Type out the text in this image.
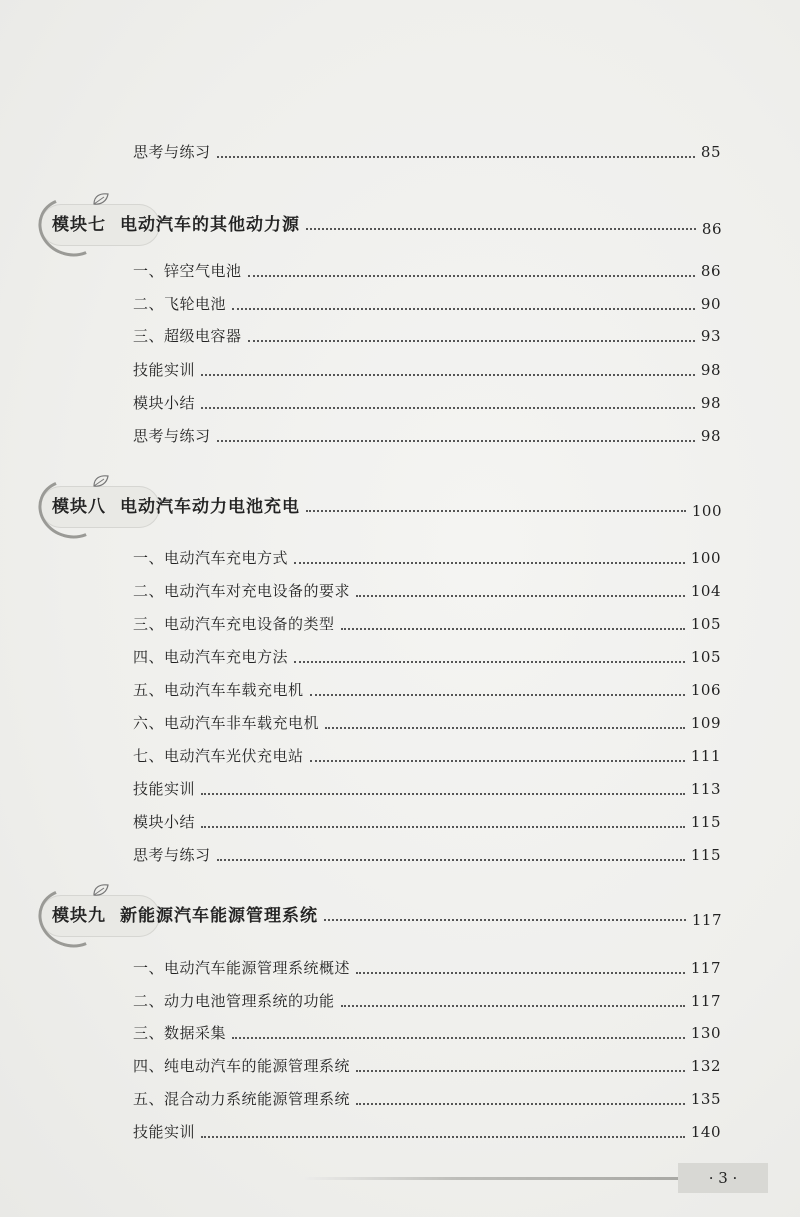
思考与练习	85
模块七 电动汽车的其他动力源	86
一、锌空气电池	86
二、飞轮电池	90
三、超级电容器	93
技能实训	98
模块小结	98
思考与练习	98
模块八 电动汽车动力电池充电	100
一、电动汽车充电方式	100
二、电动汽车对充电设备的要求	104
三、电动汽车充电设备的类型	105
四、电动汽车充电方法	105
五、电动汽车车载充电机	106
六、电动汽车非车载充电机	109
七、电动汽车光伏充电站	111
技能实训	113
模块小结	115
思考与练习	115
模块九 新能源汽车能源管理系统	117
一、电动汽车能源管理系统概述	117
二、动力电池管理系统的功能	117
三、数据采集	130
四、纯电动汽车的能源管理系统	132
五、混合动力系统能源管理系统	135
技能实训	140
· 3 ·
